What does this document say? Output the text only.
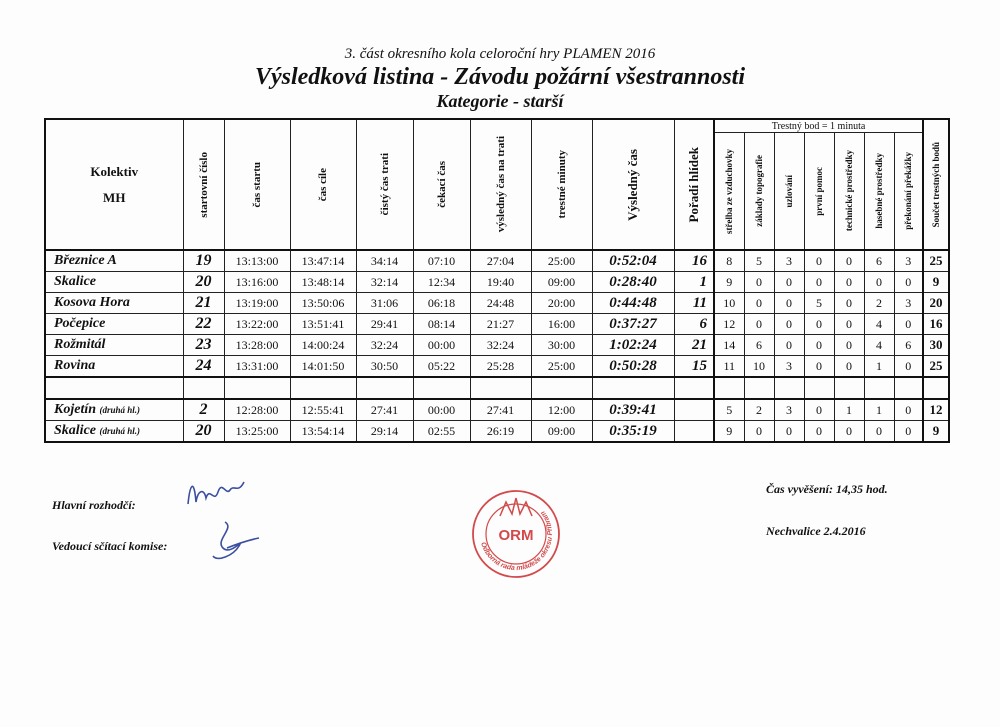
3. část okresního kola celoroční hry PLAMEN 2016
Výsledková listina - Závodu požární všestrannosti
Kategorie - starší
Kolektiv
MH	startovní číslo	čas startu	čas cíle	čistý čas trati	čekací čas	výsledný čas na trati	trestné minuty	Výsledný čas	Pořadí hlídek	Trestný bod = 1 minuta							Součet trestných bodů

										střelba ze vzduchovky	základy topografie	uzlování	první pomoc	technické prostředky	hasebné prostředky	překonání překážky	

Březnice A	19	13:13:00	13:47:14	34:14	07:10	27:04	25:00	0:52:04	16	8	5	3	0	0	6	3	25
Skalice	20	13:16:00	13:48:14	32:14	12:34	19:40	09:00	0:28:40	1	9	0	0	0	0	0	0	9
Kosova Hora	21	13:19:00	13:50:06	31:06	06:18	24:48	20:00	0:44:48	11	10	0	0	5	0	2	3	20
Počepice	22	13:22:00	13:51:41	29:41	08:14	21:27	16:00	0:37:27	6	12	0	0	0	0	4	0	16
Rožmitál	23	13:28:00	14:00:24	32:24	00:00	32:24	30:00	1:02:24	21	14	6	0	0	0	4	6	30
Rovina	24	13:31:00	14:01:50	30:50	05:22	25:28	25:00	0:50:28	15	11	10	3	0	0	1	0	25

Kojetín (druhá hl.)	2	12:28:00	12:55:41	27:41	00:00	27:41	12:00	0:39:41		5	2	3	0	1	1	0	12
Skalice (druhá hl.)	20	13:25:00	13:54:14	29:14	02:55	26:19	09:00	0:35:19		9	0	0	0	0	0	0	9
Hlavní rozhodčí:
Vedoucí sčítací komise:
Čas vyvěšení: 14,35 hod.
Nechvalice 2.4.2016
Odborná rada mládeže okresu Příbram
ORM
